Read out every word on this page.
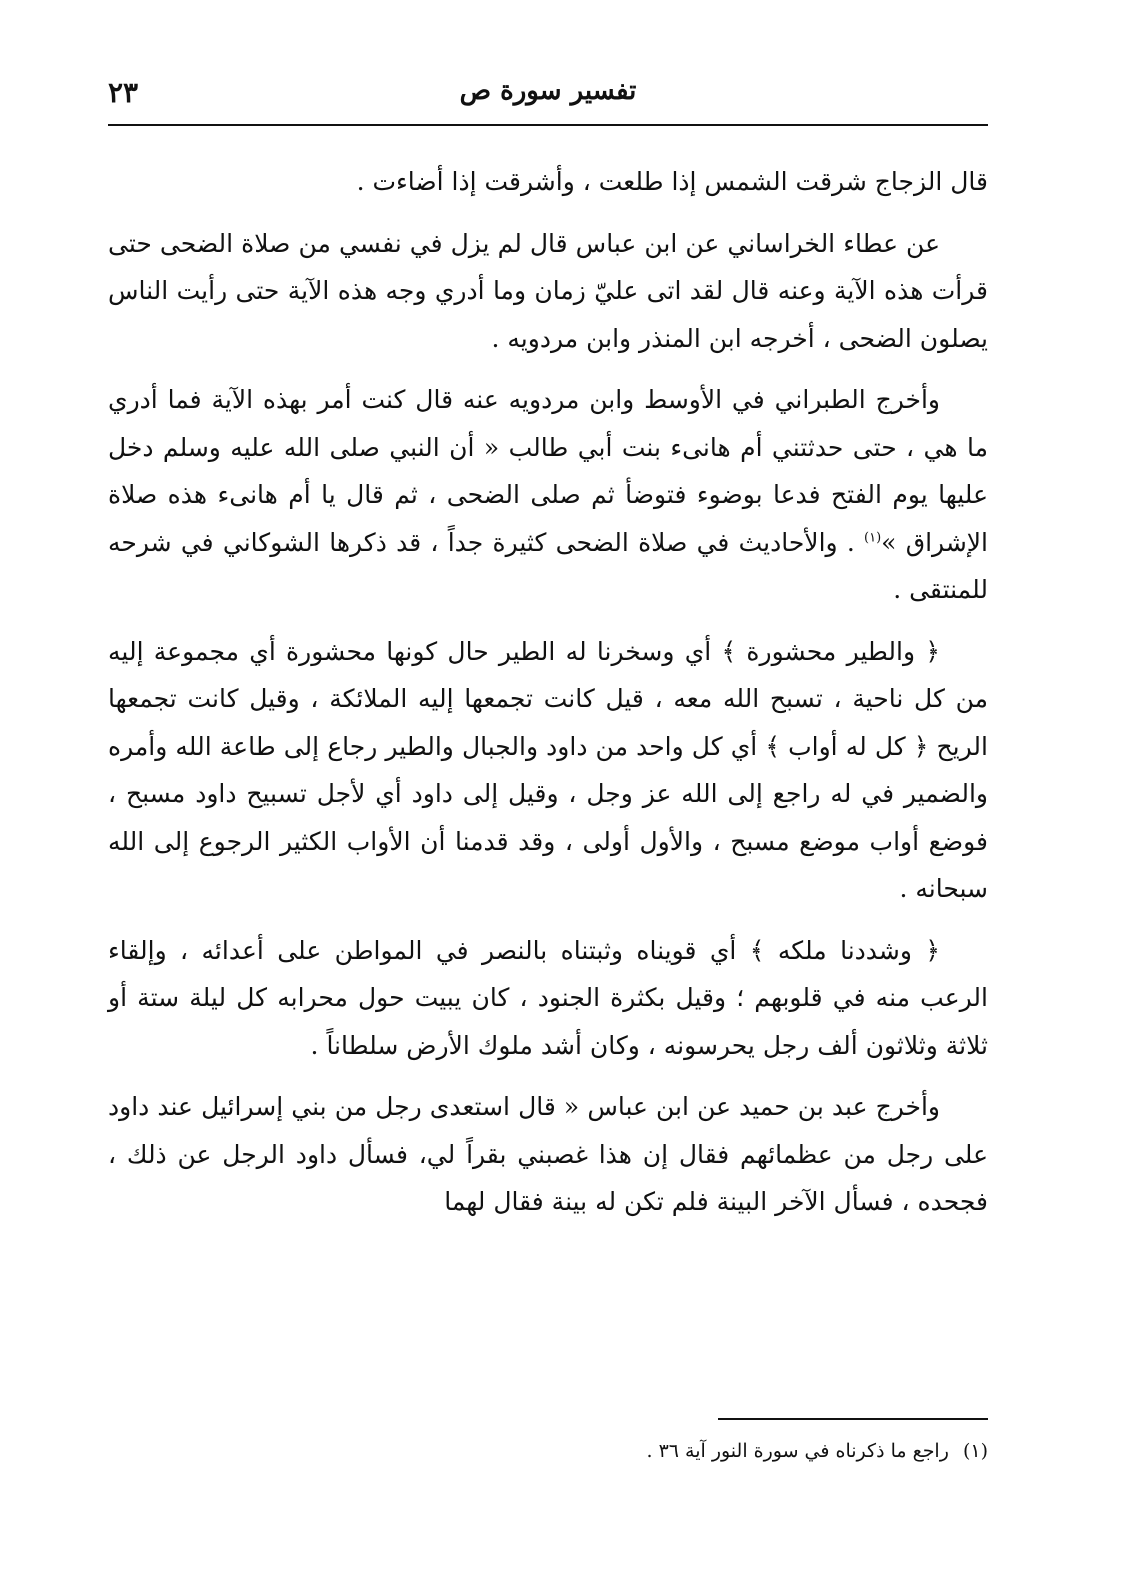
تفسير سورة ص
٢٣

قال الزجاج شرقت الشمس إذا طلعت ، وأشرقت إذا أضاءت .

عن عطاء الخراساني عن ابن عباس قال لم يزل في نفسي من صلاة الضحى حتى قرأت هذه الآية وعنه قال لقد اتى عليّ زمان وما أدري وجه هذه الآية حتى رأيت الناس يصلون الضحى ، أخرجه ابن المنذر وابن مردويه .

وأخرج الطبراني في الأوسط وابن مردويه عنه قال كنت أمر بهذه الآية فما أدري ما هي ، حتى حدثتني أم هانىء بنت أبي طالب « أن النبي صلى الله عليه وسلم دخل عليها يوم الفتح فدعا بوضوء فتوضأ ثم صلى الضحى ، ثم قال يا أم هانىء هذه صلاة الإشراق »$^{(١)}$ . والأحاديث في صلاة الضحى كثيرة جداً ، قد ذكرها الشوكاني في شرحه للمنتقى .

﴿ والطير محشورة ﴾ أي وسخرنا له الطير حال كونها محشورة أي مجموعة إليه من كل ناحية ، تسبح الله معه ، قيل كانت تجمعها إليه الملائكة ، وقيل كانت تجمعها الريح ﴿ كل له أواب ﴾ أي كل واحد من داود والجبال والطير رجاع إلى طاعة الله وأمره والضمير في له راجع إلى الله عز وجل ، وقيل إلى داود أي لأجل تسبيح داود مسبح ، فوضع أواب موضع مسبح ، والأول أولى ، وقد قدمنا أن الأواب الكثير الرجوع إلى الله سبحانه .

﴿ وشددنا ملكه ﴾ أي قويناه وثبتناه بالنصر في المواطن على أعدائه ، وإلقاء الرعب منه في قلوبهم ؛ وقيل بكثرة الجنود ، كان يبيت حول محرابه كل ليلة ستة أو ثلاثة وثلاثون ألف رجل يحرسونه ، وكان أشد ملوك الأرض سلطاناً .

وأخرج عبد بن حميد عن ابن عباس « قال استعدى رجل من بني إسرائيل عند داود على رجل من عظمائهم فقال إن هذا غصبني بقراً لي، فسأل داود الرجل عن ذلك ، فجحده ، فسأل الآخر البينة فلم تكن له بينة فقال لهما

(١) راجع ما ذكرناه في سورة النور آية ٣٦ .
